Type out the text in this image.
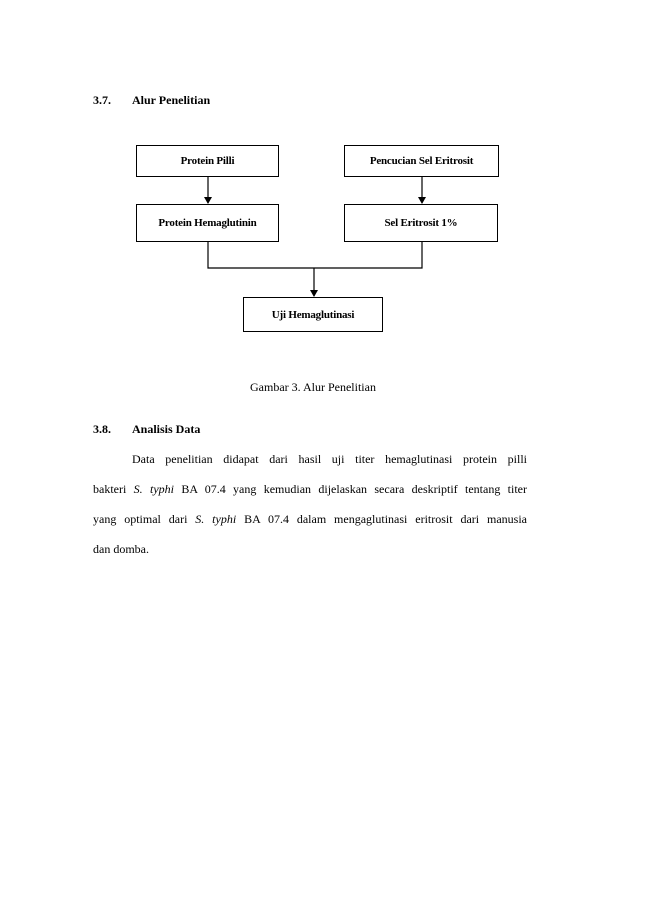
3.7. Alur Penelitian
Protein Pilli	Pencucian Sel Eritrosit
Protein Hemaglutinin	Sel Eritrosit 1%
Uji Hemaglutinasi
Gambar 3. Alur Penelitian
3.8. Analisis Data
Data penelitian didapat dari hasil uji titer hemaglutinasi protein pilli
bakteri S. typhi BA 07.4 yang kemudian dijelaskan secara deskriptif tentang titer
yang optimal dari S. typhi BA 07.4 dalam mengaglutinasi eritrosit dari manusia
dan domba.
